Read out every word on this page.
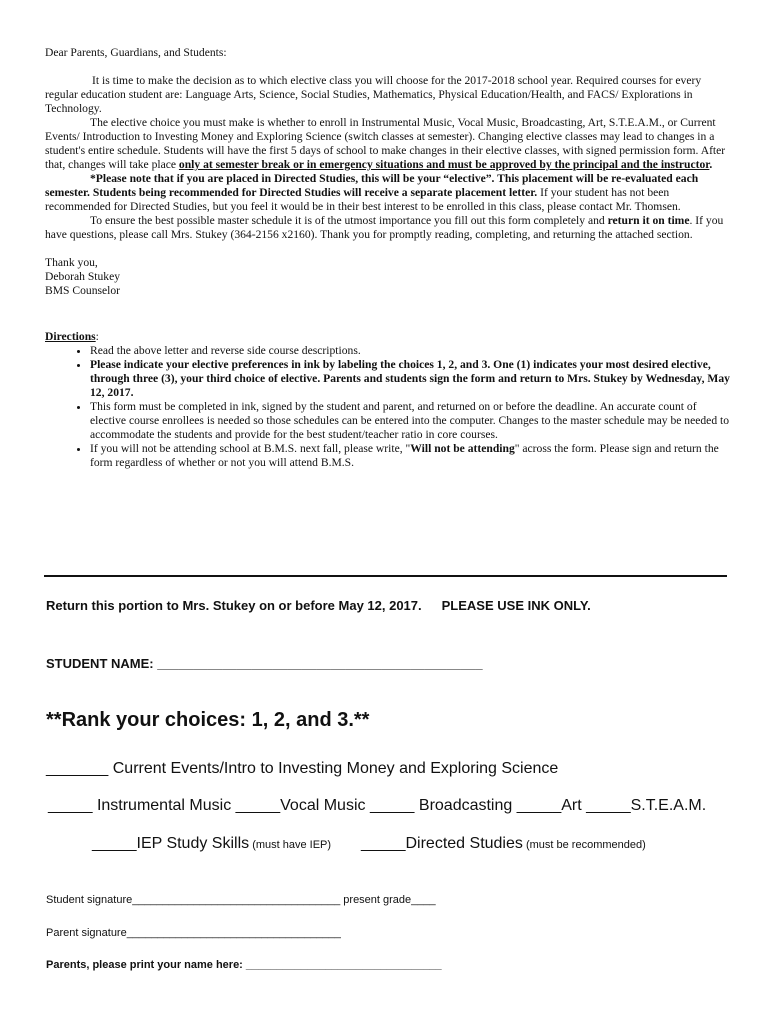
Dear Parents, Guardians, and Students:

It is time to make the decision as to which elective class you will choose for the 2017-2018 school year. Required courses for every regular education student are: Language Arts, Science, Social Studies, Mathematics, Physical Education/Health, and FACS/ Explorations in Technology.

The elective choice you must make is whether to enroll in Instrumental Music, Vocal Music, Broadcasting, Art, S.T.E.A.M., or Current Events/ Introduction to Investing Money and Exploring Science (switch classes at semester). Changing elective classes may lead to changes in a student's entire schedule. Students will have the first 5 days of school to make changes in their elective classes, with signed permission form. After that, changes will take place only at semester break or in emergency situations and must be approved by the principal and the instructor.

*Please note that if you are placed in Directed Studies, this will be your “elective”. This placement will be re-evaluated each semester. Students being recommended for Directed Studies will receive a separate placement letter. If your student has not been recommended for Directed Studies, but you feel it would be in their best interest to be enrolled in this class, please contact Mr. Thomsen.

To ensure the best possible master schedule it is of the utmost importance you fill out this form completely and return it on time. If you have questions, please call Mrs. Stukey (364-2156 x2160). Thank you for promptly reading, completing, and returning the attached section.

Thank you,

Deborah Stukey

BMS Counselor

Directions:

• Read the above letter and reverse side course descriptions.
• Please indicate your elective preferences in ink by labeling the choices 1, 2, and 3. One (1) indicates your most desired elective, through three (3), your third choice of elective. Parents and students sign the form and return to Mrs. Stukey by Wednesday, May 12, 2017.
• This form must be completed in ink, signed by the student and parent, and returned on or before the deadline. An accurate count of elective course enrollees is needed so those schedules can be entered into the computer. Changes to the master schedule may be needed to accommodate the students and provide for the best student/teacher ratio in core courses.
• If you will not be attending school at B.M.S. next fall, please write, "Will not be attending" across the form. Please sign and return the form regardless of whether or not you will attend B.M.S.
Return this portion to Mrs. Stukey on or before May 12, 2017. PLEASE USE INK ONLY.
STUDENT NAME: _____________________________________________
**Rank your choices: 1, 2, and 3.**
_______ Current Events/Intro to Investing Money and Exploring Science
_____ Instrumental Music _____Vocal Music _____ Broadcasting _____Art _____S.T.E.A.M.
_____IEP Study Skills (must have IEP) _____Directed Studies (must be recommended)
Student signature__________________________________ present grade____
Parent signature___________________________________
Parents, please print your name here: ________________________________
